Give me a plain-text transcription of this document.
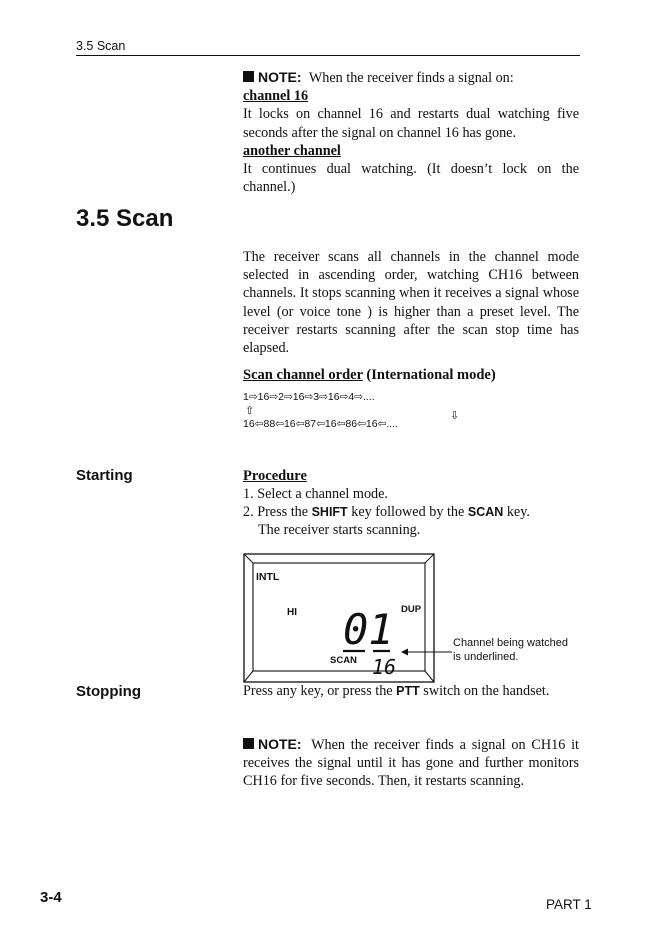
3.5 Scan
NOTE: When the receiver finds a signal on:
channel 16
It locks on channel 16 and restarts dual watching five seconds after the signal on channel 16 has gone.
another channel
It continues dual watching. (It doesn’t lock on the channel.)
3.5 Scan
The receiver scans all channels in the channel mode selected in ascending order, watching CH16 between channels. It stops scanning when it receives a signal whose level (or voice tone ) is higher than a preset level. The receiver restarts scanning after the scan stop time has elapsed.
Scan channel order (International mode)
1⇨16⇨2⇨16⇨3⇨16⇨4⇨....
⇧
16⇦88⇦16⇦87⇦16⇦86⇦16⇦....
⇩
Starting	Procedure
1. Select a channel mode.
2. Press the SHIFT key followed by the SCAN key.
The receiver starts scanning.
INTL
HI	DUP
01
SCAN 16
Channel being watched
is underlined.
Stopping	Press any key, or press the PTT switch on the handset.
NOTE: When the receiver finds a signal on CH16 it receives the signal until it has gone and further monitors CH16 for five seconds. Then, it restarts scanning.
3-4	PART 1
